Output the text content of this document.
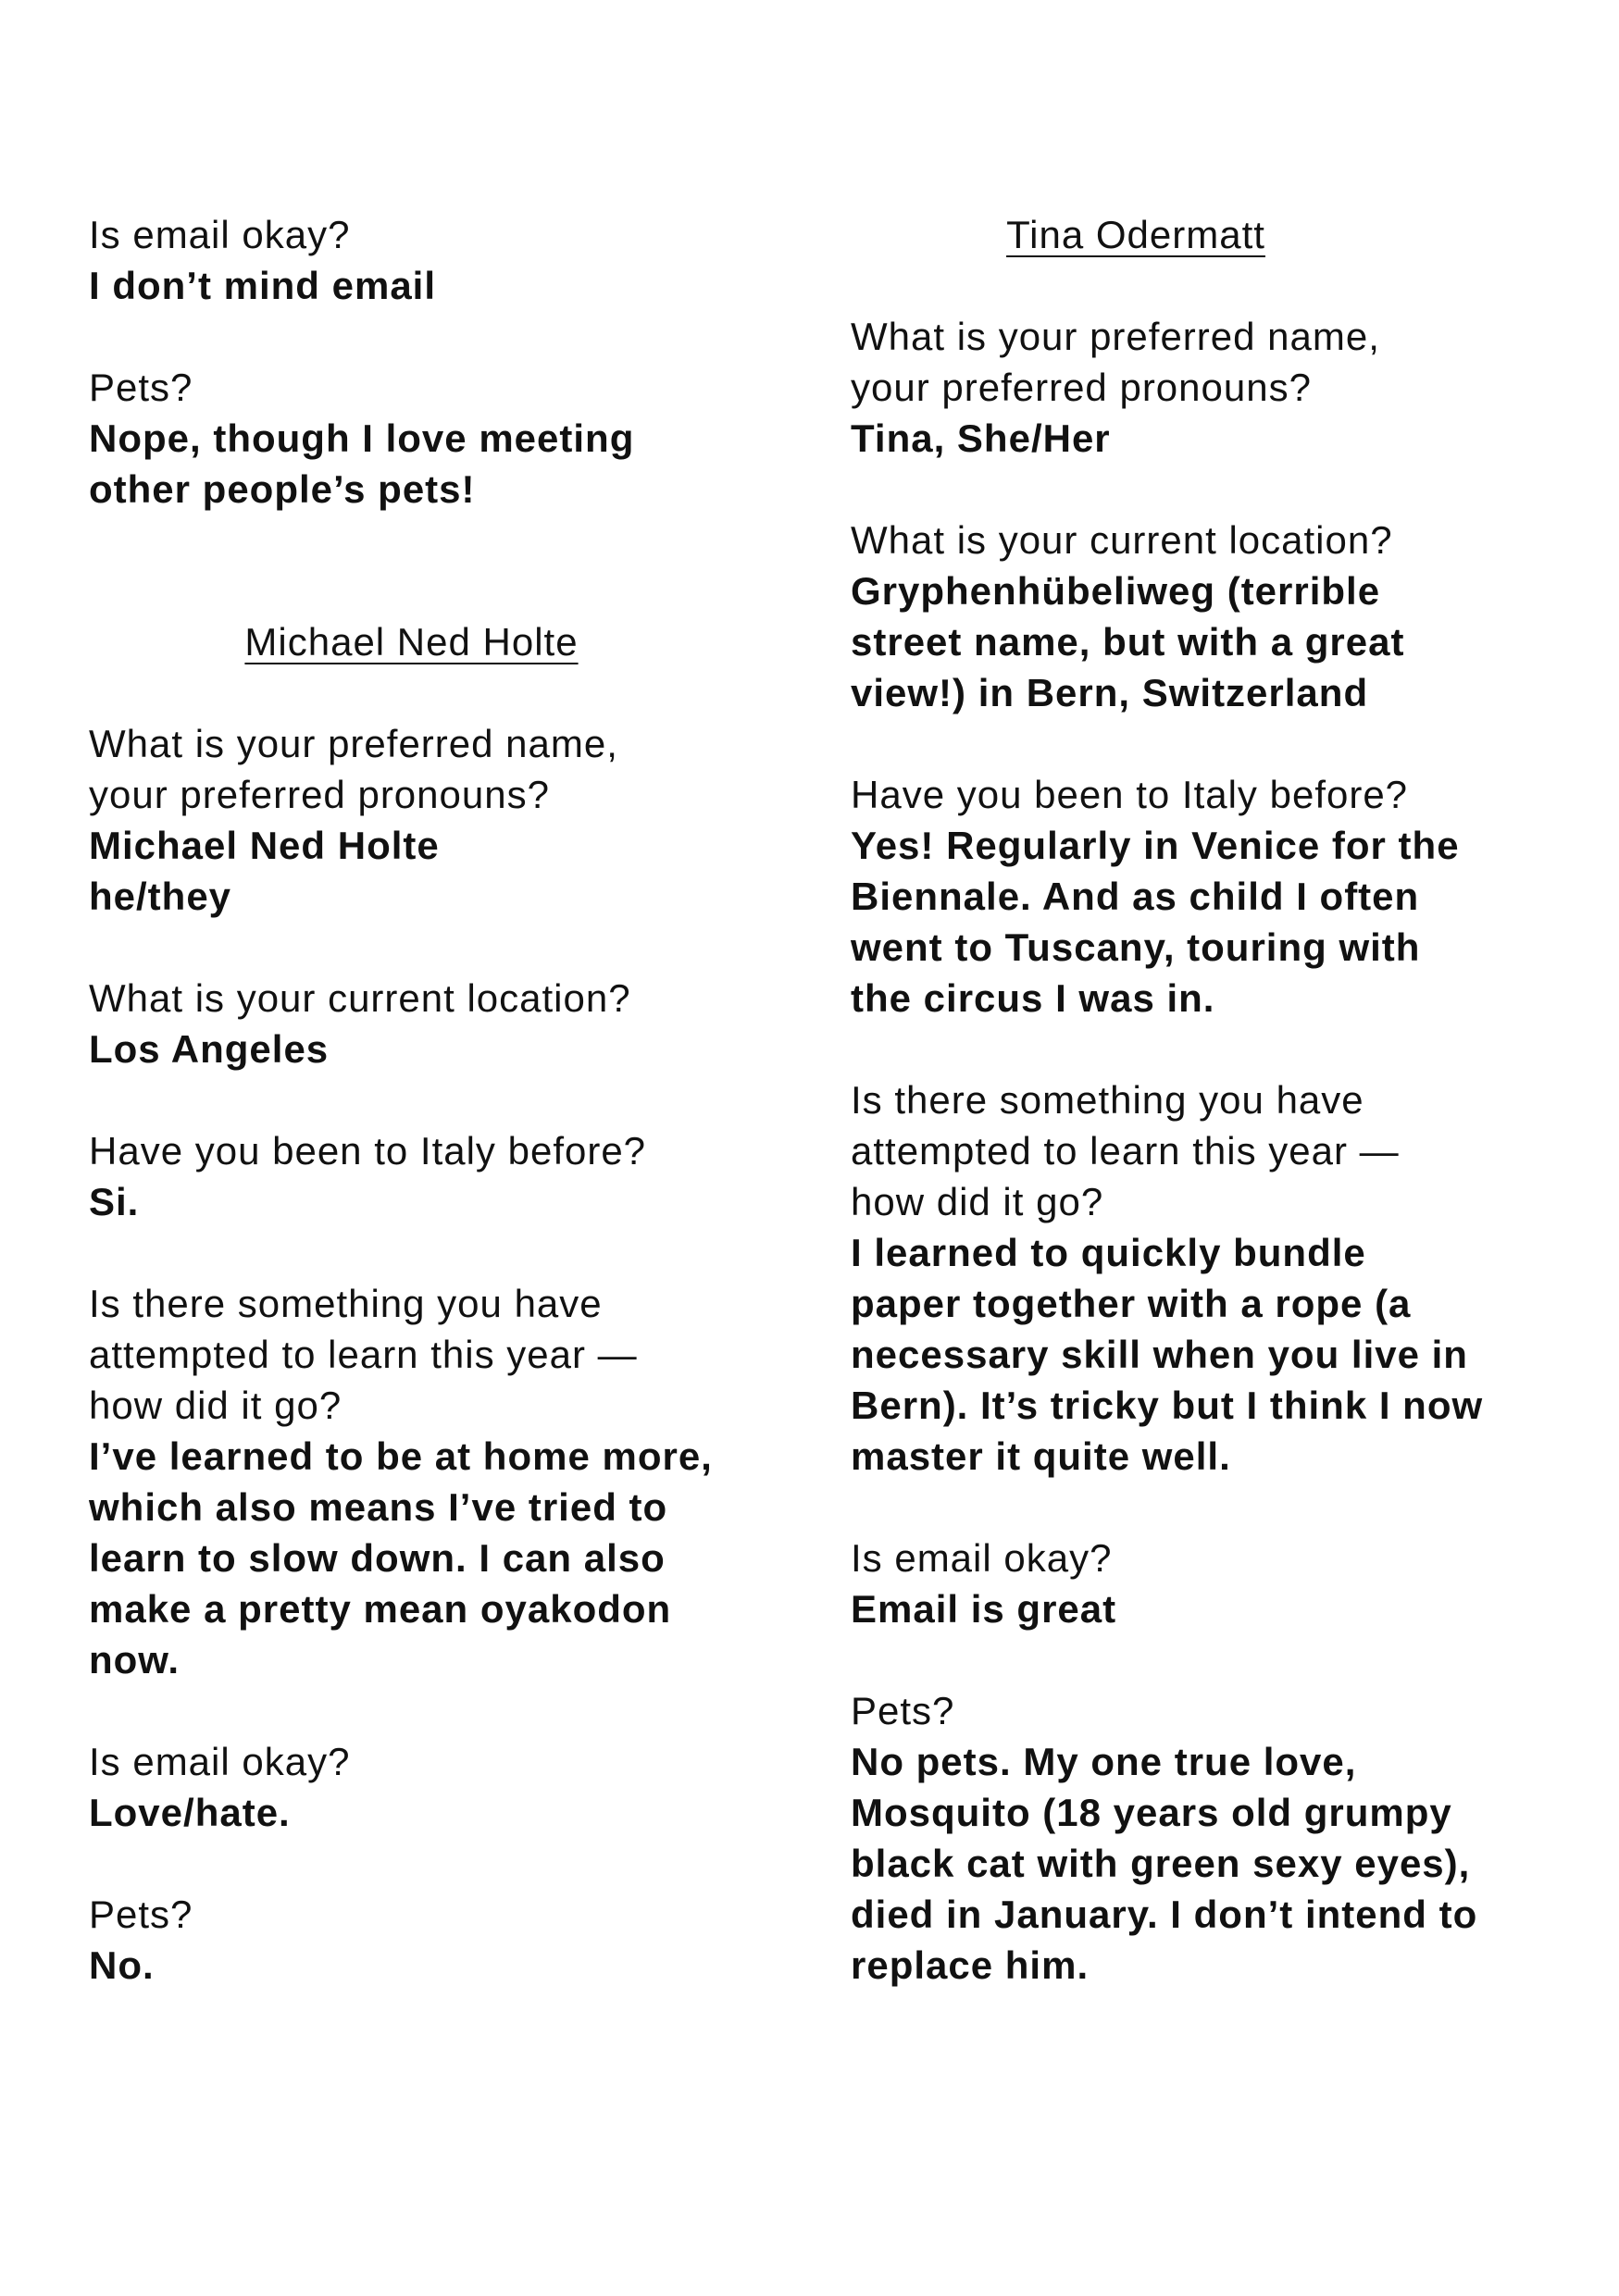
Is email okay?
I don’t mind email
Pets?
Nope, though I love meeting
other people’s pets!
Michael Ned Holte
What is your preferred name,
your preferred pronouns?
Michael Ned Holte
he/they
What is your current location?
Los Angeles
Have you been to Italy before?
Si.
Is there something you have
attempted to learn this year —
how did it go?
I’ve learned to be at home more,
which also means I’ve tried to
learn to slow down. I can also
make a pretty mean oyakodon
now.
Is email okay?
Love/hate.
Pets?
No.
Tina Odermatt
What is your preferred name,
your preferred pronouns?
Tina, She/Her
What is your current location?
Gryphenhübeliweg (terrible
street name, but with a great
view!) in Bern, Switzerland
Have you been to Italy before?
Yes! Regularly in Venice for the
Biennale. And as child I often
went to Tuscany, touring with
the circus I was in.
Is there something you have
attempted to learn this year —
how did it go?
I learned to quickly bundle
paper together with a rope (a
necessary skill when you live in
Bern). It’s tricky but I think I now
master it quite well.
Is email okay?
Email is great
Pets?
No pets. My one true love,
Mosquito (18 years old grumpy
black cat with green sexy eyes),
died in January. I don’t intend to
replace him.
